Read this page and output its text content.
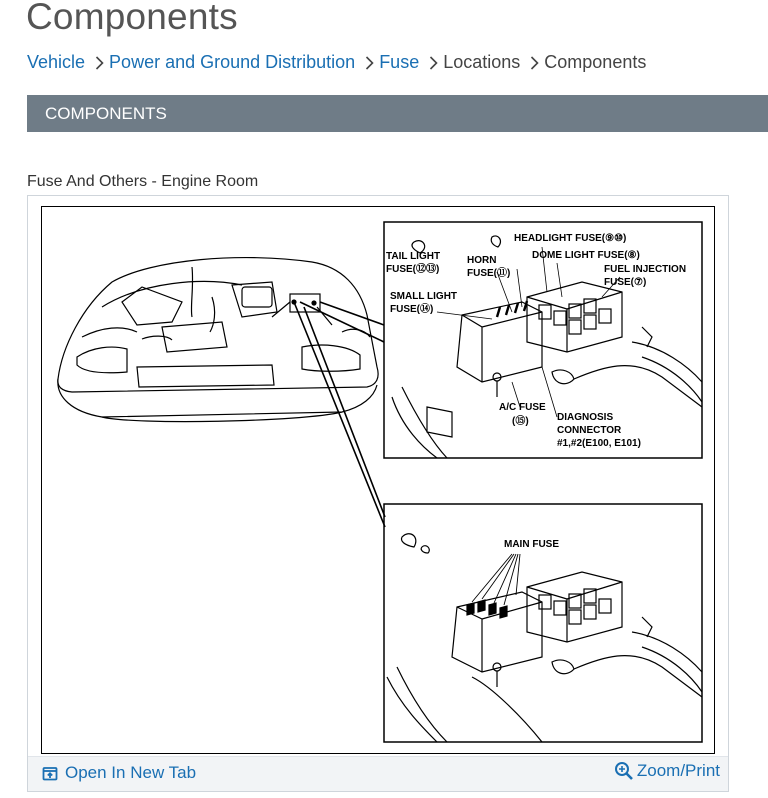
Components
Vehicle Power and Ground Distribution Fuse Locations Components
COMPONENTS
Fuse And Others - Engine Room
HEADLIGHT FUSE(⑨⑩)
TAIL LIGHT
FUSE(⑫⑬)
HORN
FUSE(⑪)
DOME LIGHT FUSE(⑧)
FUEL INJECTION
FUSE(⑦)
SMALL LIGHT
FUSE(⑭)
A/C FUSE
(⑮)	DIAGNOSIS
CONNECTOR
#1,#2(E100, E101)
MAIN FUSE
Open In New Tab	Zoom/Print
